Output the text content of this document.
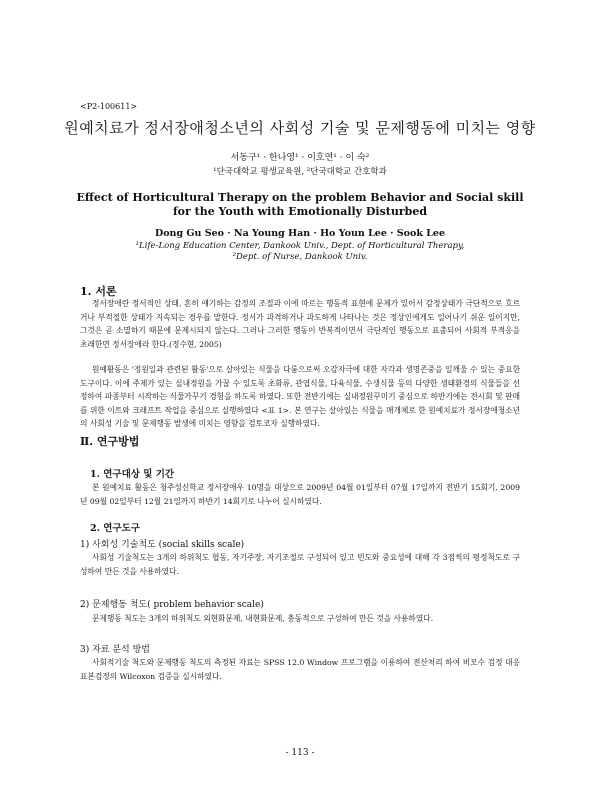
<P2-100611>
원예치료가 정서장애청소년의 사회성 기술 및 문제행동에 미치는 영향
서동구¹ · 한나영¹ · 이호연¹ · 이 숙²
¹단국대학교 평생교육원, ²단국대학교 간호학과
Effect of Horticultural Therapy on the problem Behavior and Social skill
for the Youth with Emotionally Disturbed
Dong Gu Seo · Na Young Han · Ho Youn Lee · Sook Lee
¹Life-Long Education Center, Dankook Univ., Dept. of Horticultural Therapy,
²Dept. of Nurse, Dankook Univ.
1. 서론
정서장애란 정서적인 상태, 흔히 얘기하는 감정의 조절과 이에 따르는 행동적 표현에 문제가 있어서 감정상태가 극단적으로 흐르거나 부적절한 상태가 지속되는 경우를 말한다. 정서가 과격하거나 과도하게 나타나는 것은 정상인에게도 일어나기 쉬운 일이지만, 그것은 곧 소멸하기 때문에 문제시되지 않는다. 그러나 그러한 행동이 반복적이면서 극단적인 행동으로 표출되어 사회적 부적응을 초래한면 정서장애라 한다.(정수현, 2005)
원예활동은 '정원일과 관련된 활동'으로 살아있는 식물을 다룸으로써 오감자극에 대한 자각과 생명존중을 일깨울 수 있는 중요한 도구이다. 이에 주제가 있는 실내정원을 가꿀 수 있도록 초화류, 관엽식물, 다육식물, 수생식물 등의 다양한 생태환경의 식물들을 선정하여 파종부터 시작하는 식물가꾸기 경험을 하도록 하였다. 또한 전반기에는 실내정원꾸미기 중심으로 하반기에는 전시회 및 판매를 위한 이트와 크래프트 작업을 중심으로 실행하였다 <표 1>. 본 연구는 살아있는 식물을 매개체로 한 원예치료가 정서장애청소년의 사회성 기술 및 문제행동 발생에 미치는 영향을 검토코자 실행하였다.
Ⅱ. 연구방법
1. 연구대상 및 기간
본 원예치료 활동은 청주성신학교 정서장애우 10명을 대상으로 2009년 04월 01일부터 07월 17일까지 전반기 15회기, 2009년 09월 02일부터 12월 21일까지 하반기 14회기로 나누어 실시하였다.
2. 연구도구
1) 사회성 기술척도 (social skills scale)
사회성 기술척도는 3개의 하위척도 협동, 자기주장, 자기조절로 구성되어 있고 빈도와 중요성에 대해 각 3점씩의 평정척도로 구성하여 만든 것을 사용하였다.
2) 문제행동 척도( problem behavior scale)
문제행동 척도는 3개의 하위척도 외현화문제, 내현화문제, 충동적으로 구성하여 만든 것을 사용하였다.
3) 자료 분석 방법
사회적기술 척도와 문제행동 척도의 측정된 자료는 SPSS 12.0 Window 프로그램을 이용하여 전산처리 하여 비모수 검정 대응표본검정의 Wilcoxon 검증을 실시하였다.
- 113 -
